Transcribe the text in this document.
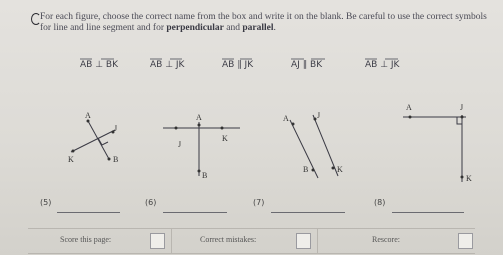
For each figure, choose the correct name from the box and write it on the blank. Be careful to use the correct symbols for line and line segment and for perpendicular and parallel.
AB ⊥ BK	AB ⊥ JK	AB ∥ JK	AJ ∥ BK	AB ⊥ JK
A
J
K	B
A
K
J
B
A	J
B	K
A	J
K
(5)	(6)	(7)	(8)
Score this page:	Correct mistakes:	Rescore:
